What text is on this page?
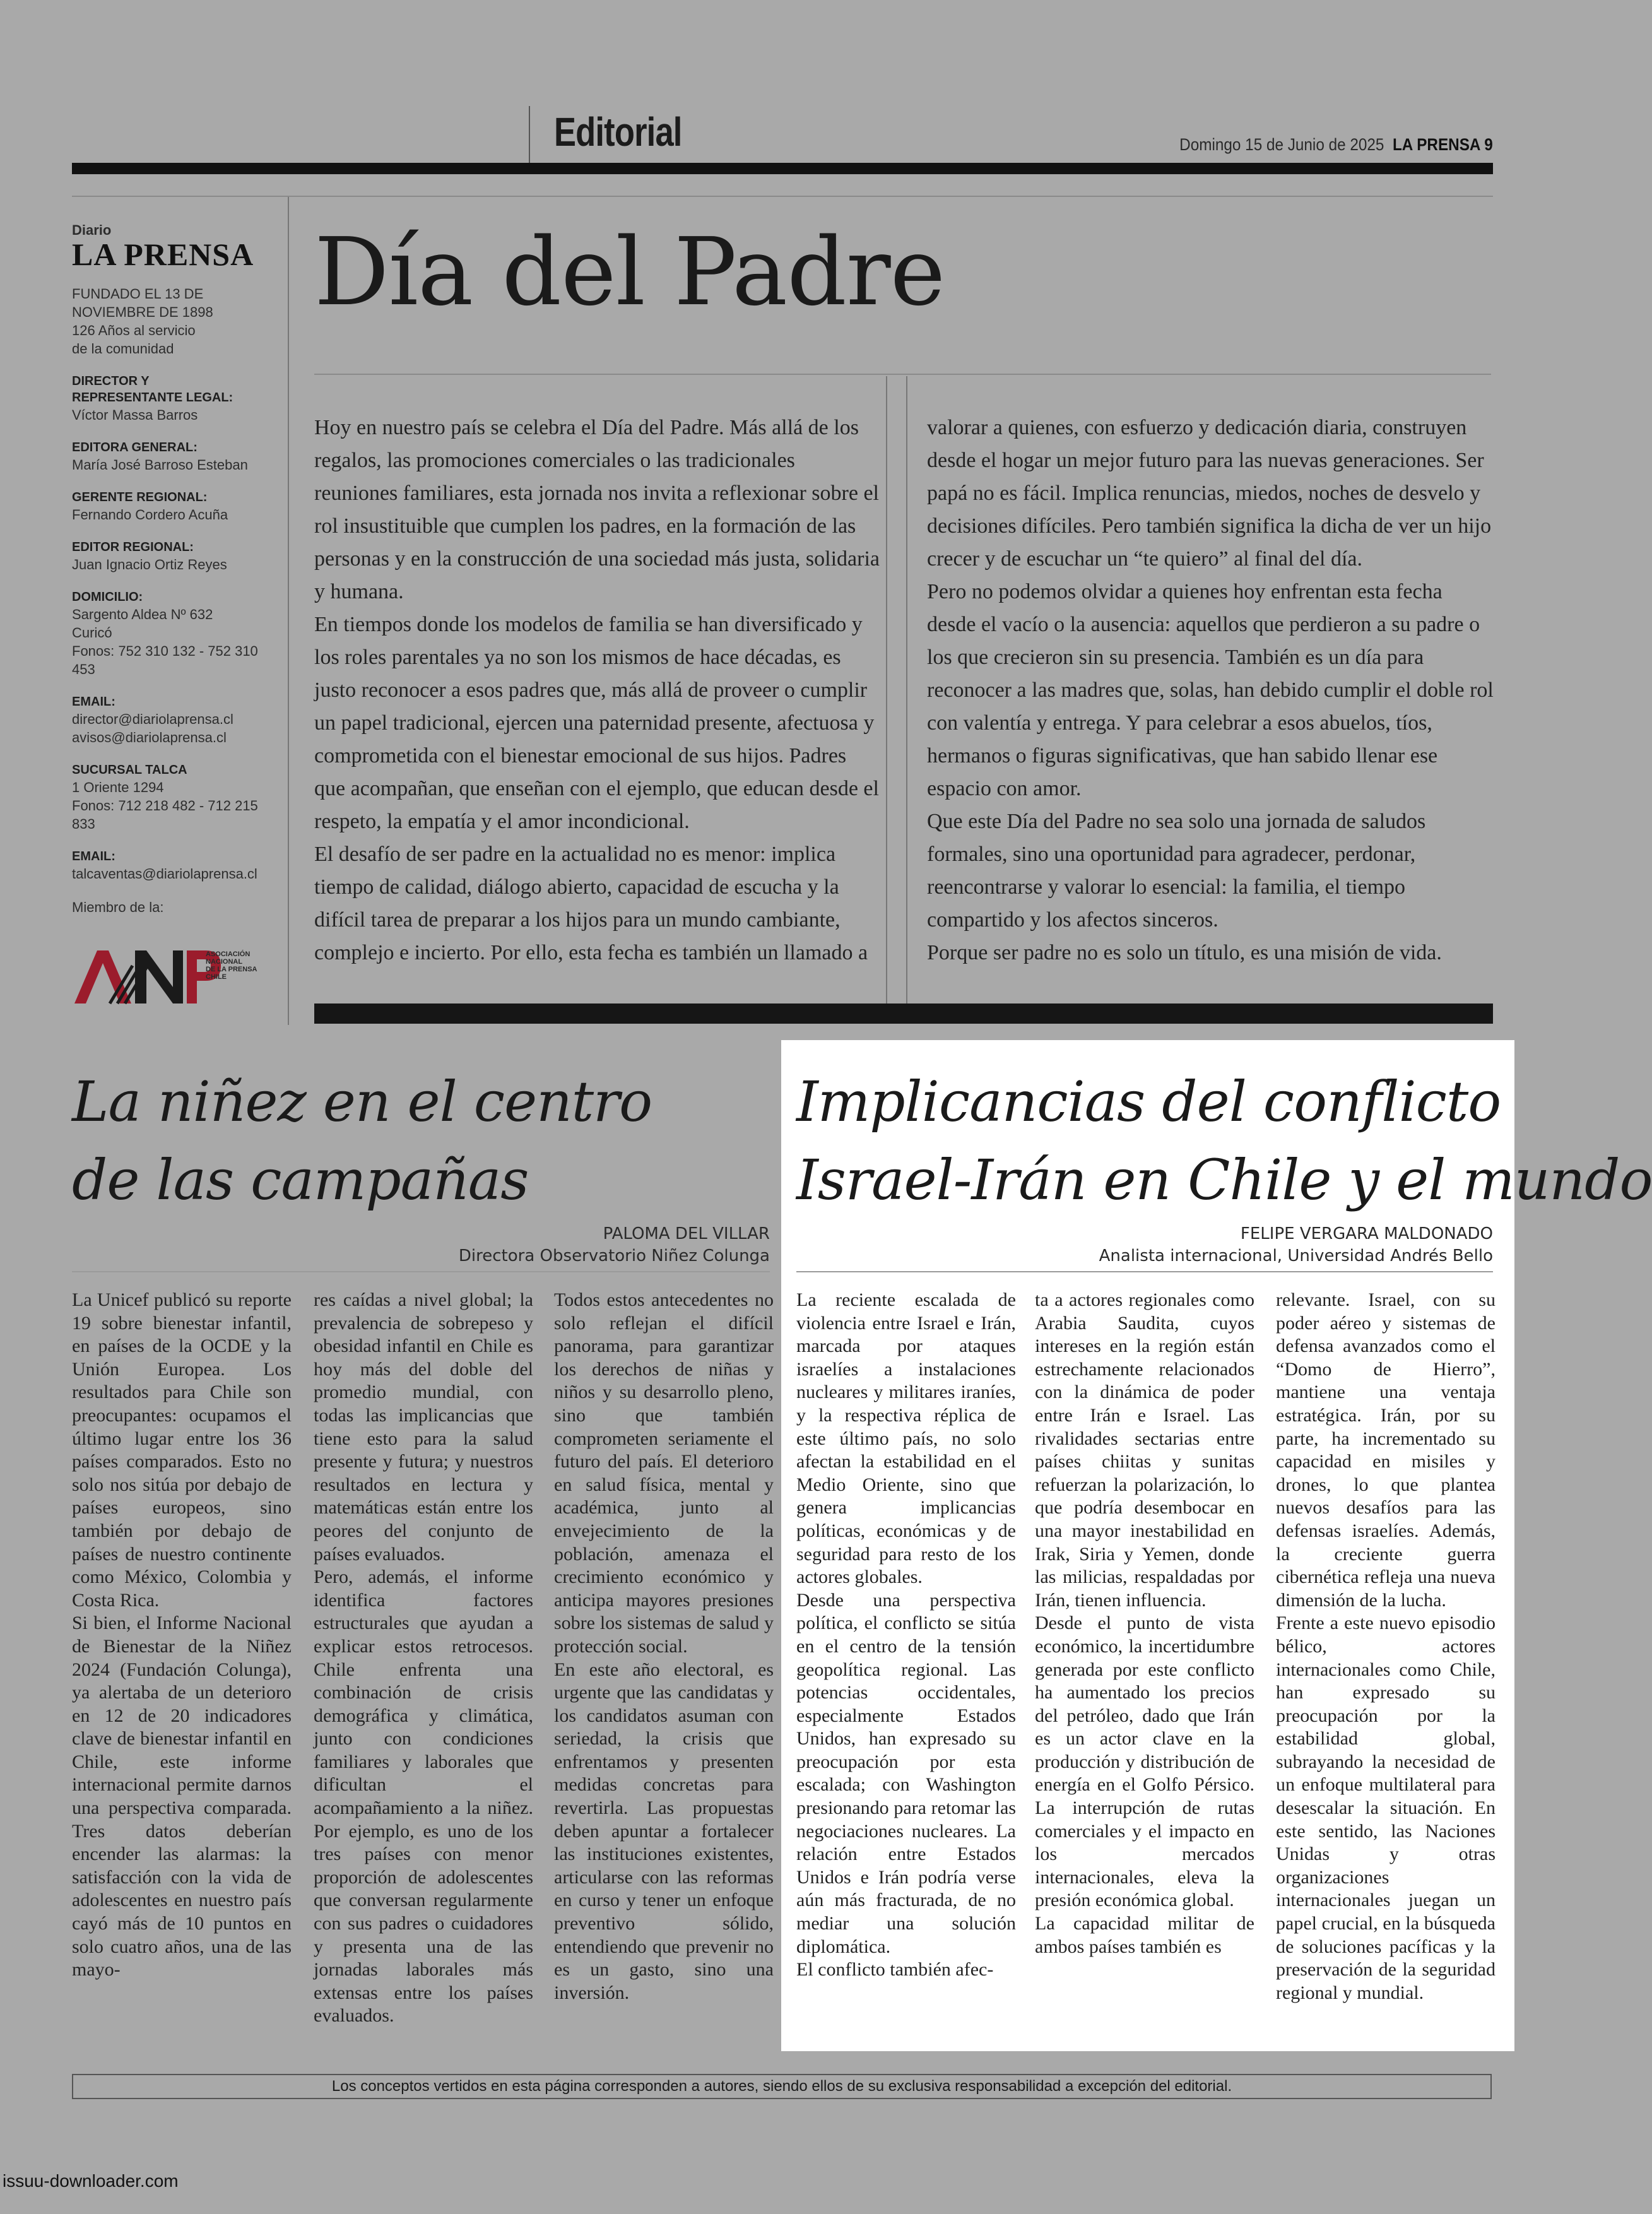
Editorial	Domingo 15 de Junio de 2025 LA PRENSA 9
Diario
LA PRENSA
FUNDADO EL 13 DE
NOVIEMBRE DE 1898
126 Años al servicio
de la comunidad
DIRECTOR Y
REPRESENTANTE LEGAL:
Víctor Massa Barros
EDITORA GENERAL:
María José Barroso Esteban
GERENTE REGIONAL:
Fernando Cordero Acuña
EDITOR REGIONAL:
Juan Ignacio Ortiz Reyes
DOMICILIO:
Sargento Aldea Nº 632
Curicó
Fonos: 752 310 132 - 752 310 453
EMAIL:
director@diariolaprensa.cl
avisos@diariolaprensa.cl
SUCURSAL TALCA
1 Oriente 1294
Fonos: 712 218 482 - 712 215 833
EMAIL:
talcaventas@diariolaprensa.cl
Miembro de la:
ASOCIACIÓN
NACIONAL
DE LA PRENSA
CHILE
Día del Padre

Hoy en nuestro país se celebra el Día del Padre. Más allá de los regalos, las promociones comerciales o las tradicionales reuniones familiares, esta jornada nos invita a reflexionar sobre el rol insustituible que cumplen los padres, en la formación de las personas y en la construcción de una sociedad más justa, solidaria y humana.

En tiempos donde los modelos de familia se han diversificado y los roles parentales ya no son los mismos de hace décadas, es justo reconocer a esos padres que, más allá de proveer o cumplir un papel tradicional, ejercen una paternidad presente, afectuosa y comprometida con el bienestar emocional de sus hijos. Padres que acompañan, que enseñan con el ejemplo, que educan desde el respeto, la empatía y el amor incondicional.

El desafío de ser padre en la actualidad no es menor: implica tiempo de calidad, diálogo abierto, capacidad de escucha y la difícil tarea de preparar a los hijos para un mundo cambiante, complejo e incierto. Por ello, esta fecha es también un llamado a

valorar a quienes, con esfuerzo y dedicación diaria, construyen desde el hogar un mejor futuro para las nuevas generaciones. Ser papá no es fácil. Implica renuncias, miedos, noches de desvelo y decisiones difíciles. Pero también significa la dicha de ver un hijo crecer y de escuchar un “te quiero” al final del día.

Pero no podemos olvidar a quienes hoy enfrentan esta fecha desde el vacío o la ausencia: aquellos que perdieron a su padre o los que crecieron sin su presencia. También es un día para reconocer a las madres que, solas, han debido cumplir el doble rol con valentía y entrega. Y para celebrar a esos abuelos, tíos, hermanos o figuras significativas, que han sabido llenar ese espacio con amor.

Que este Día del Padre no sea solo una jornada de saludos formales, sino una oportunidad para agradecer, perdonar, reencontrarse y valorar lo esencial: la familia, el tiempo compartido y los afectos sinceros.

Porque ser padre no es solo un título, es una misión de vida.

La niñez en el centro
de las campañas
PALOMA DEL VILLAR
Directora Observatorio Niñez Colunga

La Unicef publicó su reporte 19 sobre bienestar infantil, en países de la OCDE y la Unión Europea. Los resultados para Chile son preocupantes: ocupamos el último lugar entre los 36 países comparados. Esto no solo nos sitúa por debajo de países europeos, sino también por debajo de países de nuestro continente como México, Colombia y Costa Rica.

Si bien, el Informe Nacional de Bienestar de la Niñez 2024 (Fundación Colunga), ya alertaba de un deterioro en 12 de 20 indicadores clave de bienestar infantil en Chile, este informe internacional permite darnos una perspectiva comparada. Tres datos deberían encender las alarmas: la satisfacción con la vida de adolescentes en nuestro país cayó más de 10 puntos en solo cuatro años, una de las mayo-

res caídas a nivel global; la prevalencia de sobrepeso y obesidad infantil en Chile es hoy más del doble del promedio mundial, con todas las implicancias que tiene esto para la salud presente y futura; y nuestros resultados en lectura y matemáticas están entre los peores del conjunto de países evaluados.

Pero, además, el informe identifica factores estructurales que ayudan a explicar estos retrocesos. Chile enfrenta una combinación de crisis demográfica y climática, junto con condiciones familiares y laborales que dificultan el acompañamiento a la niñez. Por ejemplo, es uno de los tres países con menor proporción de adolescentes que conversan regularmente con sus padres o cuidadores y presenta una de las jornadas laborales más extensas entre los países evaluados.

Todos estos antecedentes no solo reflejan el difícil panorama, para garantizar los derechos de niñas y niños y su desarrollo pleno, sino que también comprometen seriamente el futuro del país. El deterioro en salud física, mental y académica, junto al envejecimiento de la población, amenaza el crecimiento económico y anticipa mayores presiones sobre los sistemas de salud y protección social.

En este año electoral, es urgente que las candidatas y los candidatos asuman con seriedad, la crisis que enfrentamos y presenten medidas concretas para revertirla. Las propuestas deben apuntar a fortalecer las instituciones existentes, articularse con las reformas en curso y tener un enfoque preventivo sólido, entendiendo que prevenir no es un gasto, sino una inversión.

Implicancias del conflicto
Israel-Irán en Chile y el mundo
FELIPE VERGARA MALDONADO
Analista internacional, Universidad Andrés Bello

La reciente escalada de violencia entre Israel e Irán, marcada por ataques israelíes a instalaciones nucleares y militares iraníes, y la respectiva réplica de este último país, no solo afectan la estabilidad en el Medio Oriente, sino que genera implicancias políticas, económicas y de seguridad para resto de los actores globales.

Desde una perspectiva política, el conflicto se sitúa en el centro de la tensión geopolítica regional. Las potencias occidentales, especialmente Estados Unidos, han expresado su preocupación por esta escalada; con Washington presionando para retomar las negociaciones nucleares. La relación entre Estados Unidos e Irán podría verse aún más fracturada, de no mediar una solución diplomática.

El conflicto también afec-

ta a actores regionales como Arabia Saudita, cuyos intereses en la región están estrechamente relacionados con la dinámica de poder entre Irán e Israel. Las rivalidades sectarias entre países chiitas y sunitas refuerzan la polarización, lo que podría desembocar en una mayor inestabilidad en Irak, Siria y Yemen, donde las milicias, respaldadas por Irán, tienen influencia.

Desde el punto de vista económico, la incertidumbre generada por este conflicto ha aumentado los precios del petróleo, dado que Irán es un actor clave en la producción y distribución de energía en el Golfo Pérsico. La interrupción de rutas comerciales y el impacto en los mercados internacionales, eleva la presión económica global.

La capacidad militar de ambos países también es

relevante. Israel, con su poder aéreo y sistemas de defensa avanzados como el “Domo de Hierro”, mantiene una ventaja estratégica. Irán, por su parte, ha incrementado su capacidad en misiles y drones, lo que plantea nuevos desafíos para las defensas israelíes. Además, la creciente guerra cibernética refleja una nueva dimensión de la lucha.

Frente a este nuevo episodio bélico, actores internacionales como Chile, han expresado su preocupación por la estabilidad global, subrayando la necesidad de un enfoque multilateral para desescalar la situación. En este sentido, las Naciones Unidas y otras organizaciones internacionales juegan un papel crucial, en la búsqueda de soluciones pacíficas y la preservación de la seguridad regional y mundial.

Los conceptos vertidos en esta página corresponden a autores, siendo ellos de su exclusiva responsabilidad a excepción del editorial.
issuu-downloader.com
